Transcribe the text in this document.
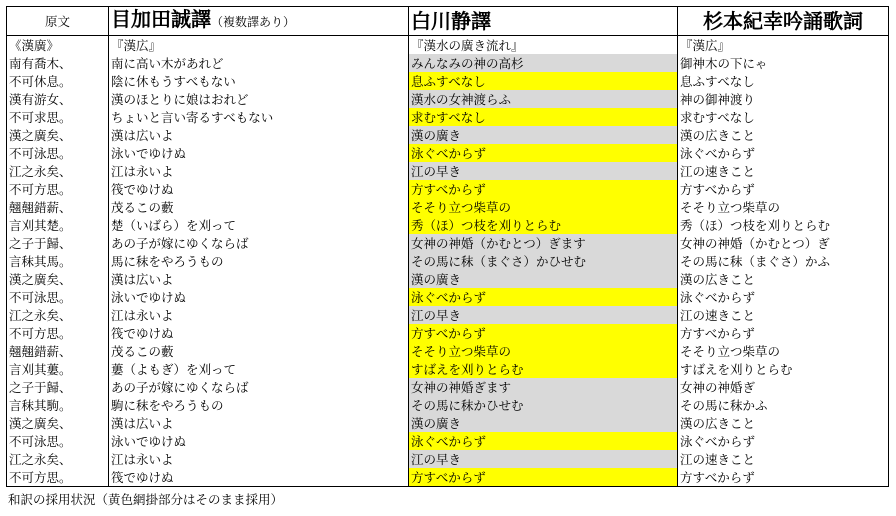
原文	目加田誠譯（複数譯あり）	白川静譯	杉本紀幸吟誦歌詞
《漢廣》	『漢広』	『漢水の廣き流れ』	『漢広』
南有喬木、	南に高い木があれど	みんなみの神の高杉	御神木の下にゃ
不可休息。	陰に休もうすべもない	息ふすべなし	息ふすべなし
漢有游女、	漢のほとりに娘はおれど	漢水の女神渡らふ	神の御神渡り
不可求思。	ちょいと言い寄るすべもない	求むすべなし	求むすべなし
漢之廣矣、	漢は広いよ	漢の廣き	漢の広きこと
不可泳思。	泳いでゆけぬ	泳ぐべからず	泳ぐべからず
江之永矣、	江は永いよ	江の早き	江の速きこと
不可方思。	筏でゆけぬ	方すべからず	方すべからず
翹翹錯薪、	茂るこの藪	そそり立つ柴草の	そそり立つ柴草の
言刈其楚。	楚（いばら）を刈って	秀（ほ）つ枝を刈りとらむ	秀（ほ）つ枝を刈りとらむ
之子于歸、	あの子が嫁にゆくならば	女神の神婚（かむとつ）ぎます	女神の神婚（かむとつ）ぎ
言秣其馬。	馬に秣をやろうもの	その馬に秣（まぐさ）かひせむ	その馬に秣（まぐさ）かふ
漢之廣矣、	漢は広いよ	漢の廣き	漢の広きこと
不可泳思。	泳いでゆけぬ	泳ぐべからず	泳ぐべからず
江之永矣、	江は永いよ	江の早き	江の速きこと
不可方思。	筏でゆけぬ	方すべからず	方すべからず
翹翹錯薪、	茂るこの藪	そそり立つ柴草の	そそり立つ柴草の
言刈其蔞。	蔞（よもぎ）を刈って	すばえを刈りとらむ	すばえを刈りとらむ
之子于歸、	あの子が嫁にゆくならば	女神の神婚ぎます	女神の神婚ぎ
言秣其駒。	駒に秣をやろうもの	その馬に秣かひせむ	その馬に秣かふ
漢之廣矣、	漢は広いよ	漢の廣き	漢の広きこと
不可泳思。	泳いでゆけぬ	泳ぐべからず	泳ぐべからず
江之永矣、	江は永いよ	江の早き	江の速きこと
不可方思。	筏でゆけぬ	方すべからず	方すべからず
和訳の採用状況（黄色網掛部分はそのまま採用）
